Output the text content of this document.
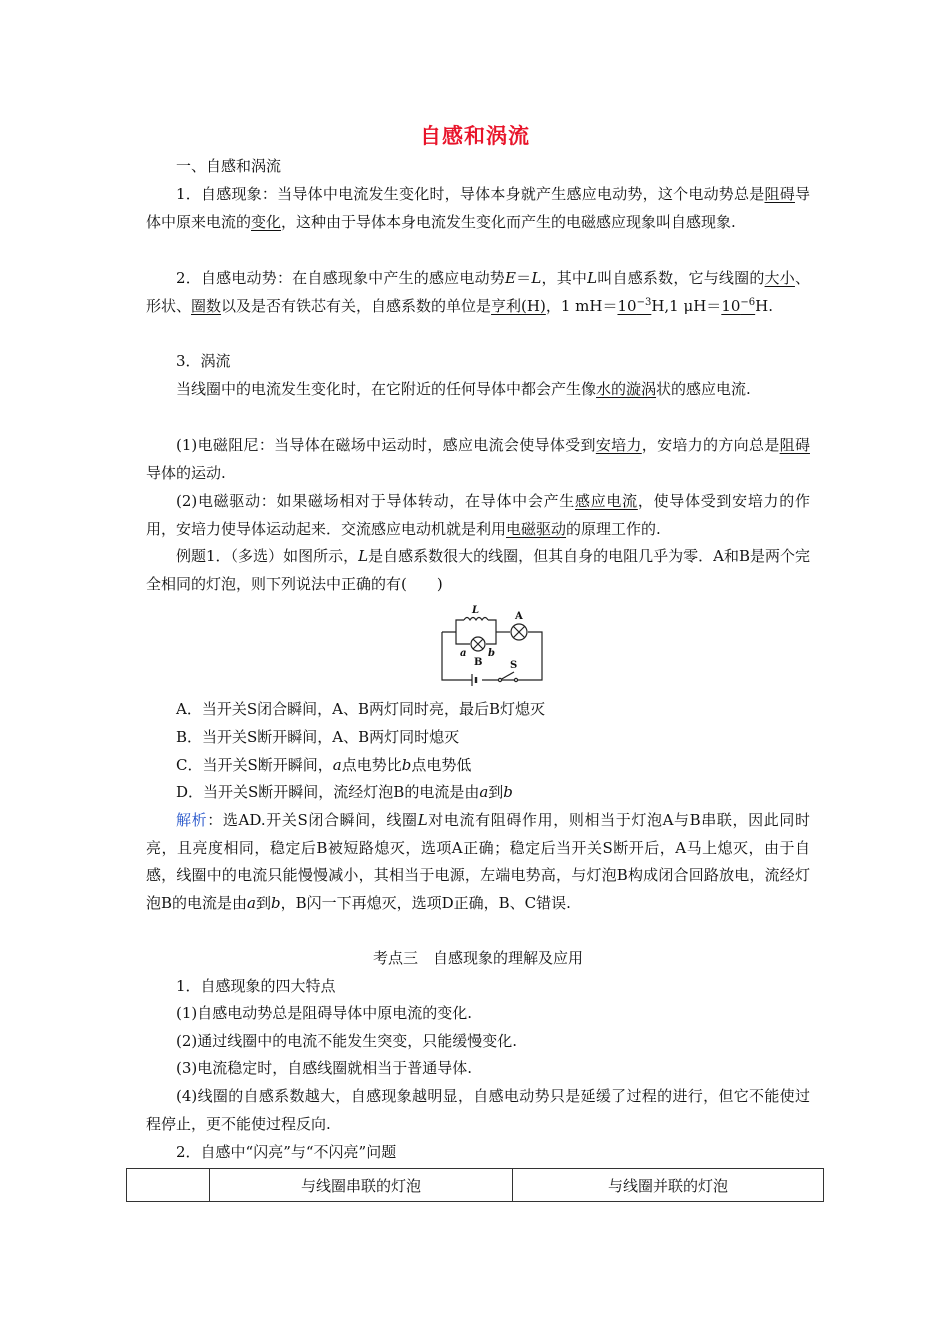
自感和涡流
一、自感和涡流
1．自感现象：当导体中电流发生变化时，导体本身就产生感应电动势，这个电动势总是阻碍导体中原来电流的变化，这种由于导体本身电流发生变化而产生的电磁感应现象叫自感现象.
2．自感电动势：在自感现象中产生的感应电动势E＝L，其中L叫自感系数，它与线圈的大小、形状、圈数以及是否有铁芯有关，自感系数的单位是亨利(H)，1 $mH=10^{-3}H,1$ $\mu H=10^{-6}H$.
3．涡流
当线圈中的电流发生变化时，在它附近的任何导体中都会产生像水的漩涡状的感应电流.
(1)电磁阻尼：当导体在磁场中运动时，感应电流会使导体受到安培力，安培力的方向总是阻碍导体的运动.
(2)电磁驱动：如果磁场相对于导体转动，在导体中会产生感应电流，使导体受到安培力的作用，安培力使导体运动起来．交流感应电动机就是利用电磁驱动的原理工作的.
例题1．（多选）如图所示，L是自感系数很大的线圈，但其自身的电阻几乎为零．A和B是两个完全相同的灯泡，则下列说法中正确的有(　　)
L
A
a b
B	S
A．当开关S闭合瞬间，A、B两灯同时亮，最后B灯熄灭
B．当开关S断开瞬间，A、B两灯同时熄灭
C．当开关S断开瞬间，a点电势比b点电势低
D．当开关S断开瞬间，流经灯泡B的电流是由a到b
解析：选AD.开关S闭合瞬间，线圈L对电流有阻碍作用，则相当于灯泡A与B串联，因此同时亮，且亮度相同，稳定后B被短路熄灭，选项A正确；稳定后当开关S断开后，A马上熄灭，由于自感，线圈中的电流只能慢慢减小，其相当于电源，左端电势高，与灯泡B构成闭合回路放电，流经灯泡B的电流是由a到b，B闪一下再熄灭，选项D正确，B、C错误.
考点三　自感现象的理解及应用
1．自感现象的四大特点
(1)自感电动势总是阻碍导体中原电流的变化.
(2)通过线圈中的电流不能发生突变，只能缓慢变化.
(3)电流稳定时，自感线圈就相当于普通导体.
(4)线圈的自感系数越大，自感现象越明显，自感电动势只是延缓了过程的进行，但它不能使过程停止，更不能使过程反向.
2．自感中“闪亮”与“不闪亮”问题
	与线圈串联的灯泡	与线圈并联的灯泡
